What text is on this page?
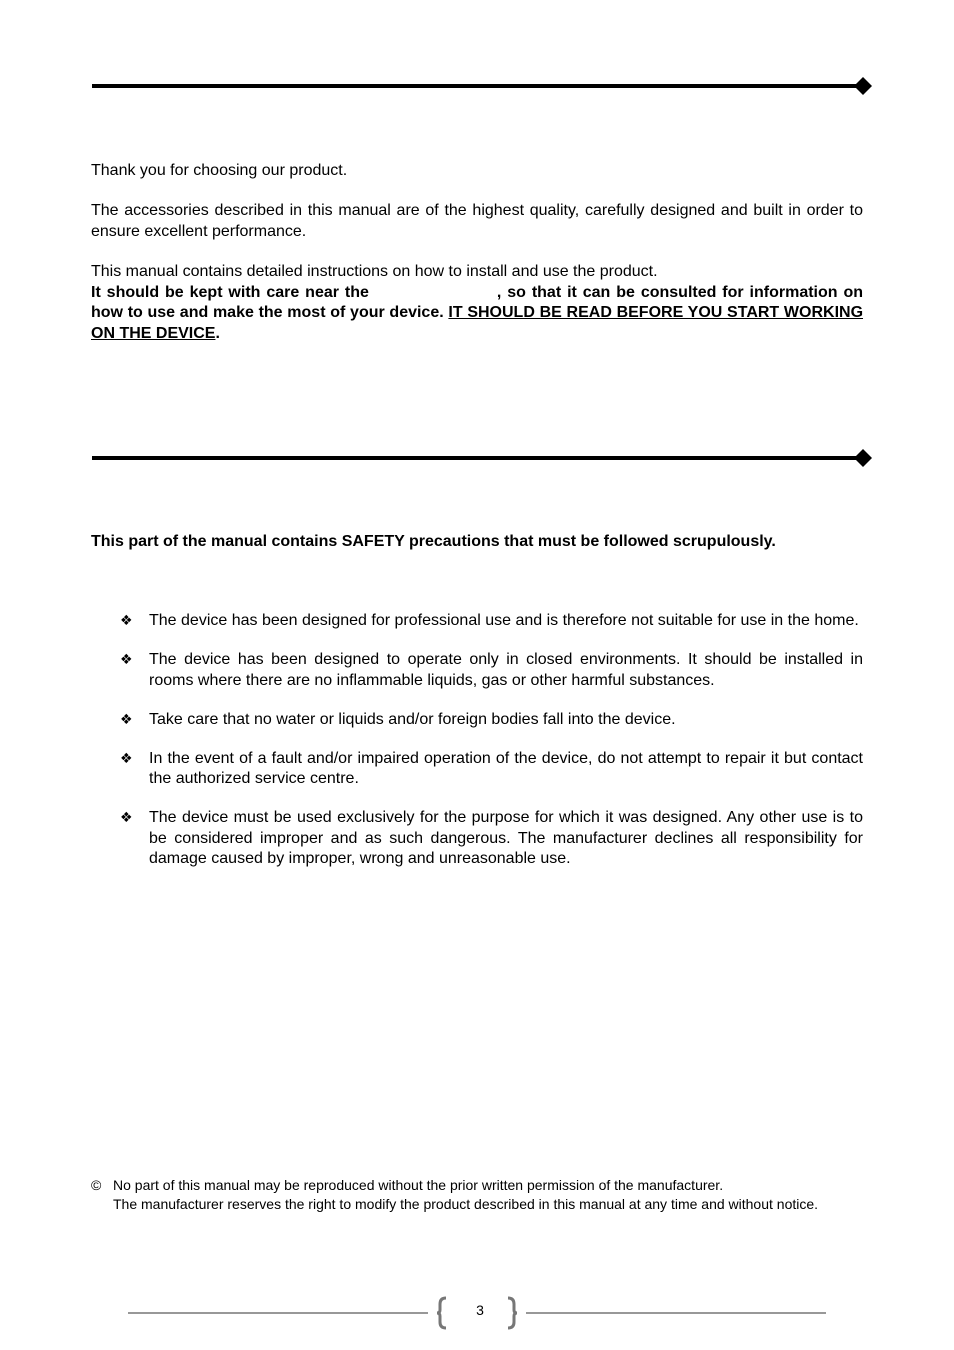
Thank you for choosing our product.

The accessories described in this manual are of the highest quality, carefully designed and built in order to ensure excellent performance.

This manual contains detailed instructions on how to install and use the product.
It should be kept with care near the	, so that it can be consulted for information on how to use and make the most of your device. IT SHOULD BE READ BEFORE YOU START WORKING ON THE DEVICE.

This part of the manual contains SAFETY precautions that must be followed scrupulously.

❖ The device has been designed for professional use and is therefore not suitable for use in the home.
❖ The device has been designed to operate only in closed environments. It should be installed in rooms where there are no inflammable liquids, gas or other harmful substances.
❖ Take care that no water or liquids and/or foreign bodies fall into the device.
❖ In the event of a fault and/or impaired operation of the device, do not attempt to repair it but contact the authorized service centre.
❖ The device must be used exclusively for the purpose for which it was designed. Any other use is to be considered improper and as such dangerous. The manufacturer declines all responsibility for damage caused by improper, wrong and unreasonable use.
© No part of this manual may be reproduced without the prior written permission of the manufacturer.
The manufacturer reserves the right to modify the product described in this manual at any time and without notice.
3
